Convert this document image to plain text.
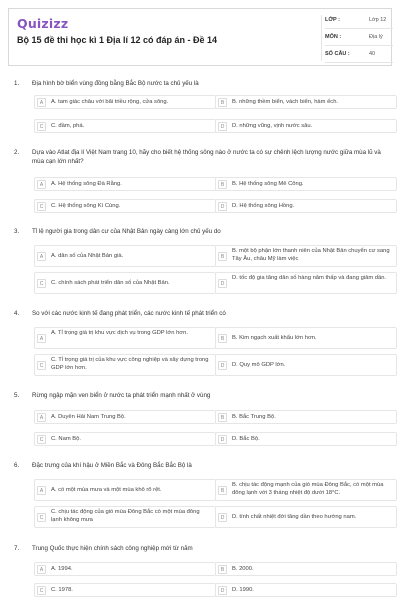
Quizizz
Bộ 15 đề thi học kì 1 Địa lí 12 có đáp án - Đề 14
LỚP :	Lớp 12
MÔN :	Địa lý
SỐ CÂU :	40
1. Địa hình bờ biển vùng đồng bằng Bắc Bộ nước ta chủ yếu là
A	A. tam giác châu với bãi triều rộng, cửa sông.	B	B. những thềm biển, vách biển, hàm ếch.
C	C. đầm, phá.	D	D. những vũng, vịnh nước sâu.
2. Dựa vào Atlat địa lí Việt Nam trang 10, hãy cho biết hệ thống sông nào ở nước ta có sự chênh lệch lượng nước giữa mùa lũ và mùa cạn lớn nhất?
A	A. Hệ thống sông Đà Rằng.	B	B. Hệ thống sông Mê Công.
C	C. Hệ thống sông Kì Cùng.	D	D. Hệ thống sông Hồng.
3. Tỉ lệ người gia trong dân cư của Nhật Bản ngày càng lớn chủ yếu do
A	A. dân số của Nhật Bản già.	B
B. một bộ phận lớn thanh niên của Nhật Bản chuyển cư sang Tây Âu, châu Mỹ làm việc
C	C. chính sách phát triển dân số của Nhật Bản.	D
D. tốc độ gia tăng dân số hàng năm thấp và đang giảm dần.
4. So với các nước kinh tế đang phát triển, các nước kinh tế phát triển có
A
A. Tỉ trọng giá trị khu vực dịch vụ trong GDP lớn hơn.
B	B. Kim ngạch xuất khẩu lớn hơn.
C
C. Tỉ trọng giá trị của khu vực công nghiệp và xây dựng trong GDP lớn hơn.	D	D. Quy mô GDP lớn.
5. Rừng ngập mặn ven biển ở nước ta phát triển mạnh nhất ở vùng
A	A. Duyên Hải Nam Trung Bộ.	B	B. Bắc Trung Bộ.
C	C. Nam Bộ.	D	D. Bắc Bộ.
6. Đặc trưng của khí hậu ở Miền Bắc và Đông Bắc Bắc Bộ là
A	A. có một mùa mưa và một mùa khô rõ rệt.	B
B. chịu tác động mạnh của gió mùa Đông Bắc, có một mùa đông lạnh với 3 tháng nhiệt độ dưới 18°C.
C
C. chịu tác động của gió mùa Đông Bắc có một mùa đông lạnh không mưa	D	D. tính chất nhiệt đới tăng dần theo hướng nam.
7. Trung Quốc thực hiện chính sách công nghiệp mới từ năm
A	A. 1994.	B	B. 2000.
C	C. 1978.	D	D. 1990.
